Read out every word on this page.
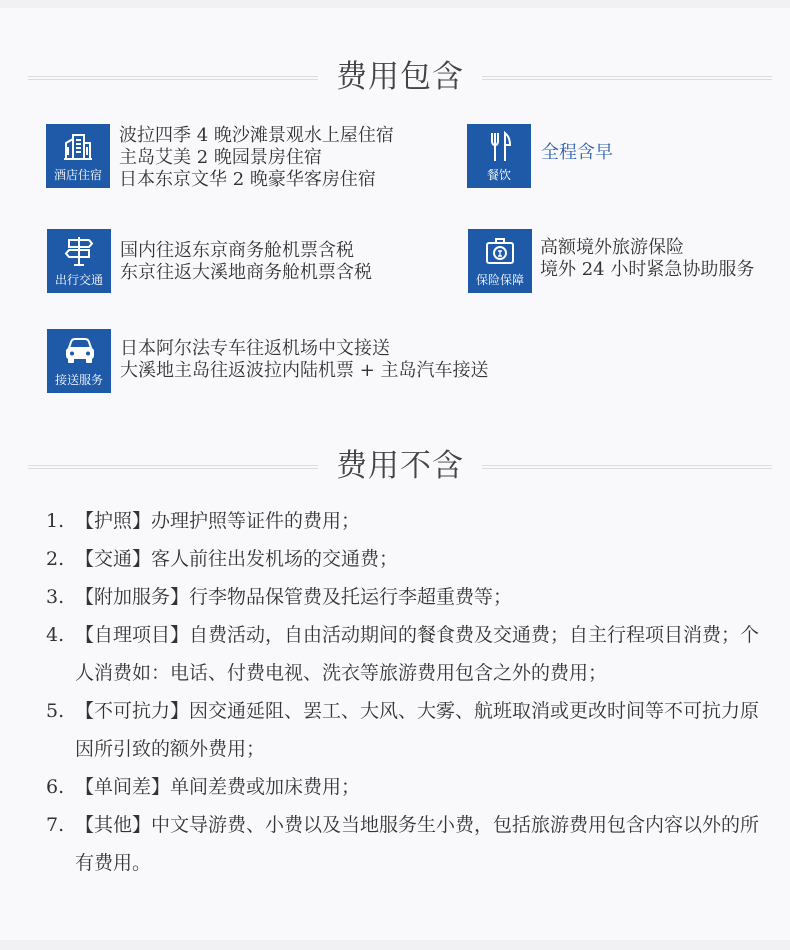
费用包含
酒店住宿
波拉四季 4 晚沙滩景观水上屋住宿
主岛艾美 2 晚园景房住宿
日本东京文华 2 晚豪华客房住宿	餐饮
全程含早
出行交通
国内往返东京商务舱机票含税
东京往返大溪地商务舱机票含税	保险保障
高额境外旅游保险
境外 24 小时紧急协助服务
接送服务
日本阿尔法专车往返机场中文接送
大溪地主岛往返波拉内陆机票 + 主岛汽车接送
费用不含
1. 【护照】办理护照等证件的费用；
2. 【交通】客人前往出发机场的交通费；
3. 【附加服务】行李物品保管费及托运行李超重费等；
4. 【自理项目】自费活动，自由活动期间的餐食费及交通费；自主行程项目消费；个人消费如：电话、付费电视、洗衣等旅游费用包含之外的费用；
5. 【不可抗力】因交通延阻、罢工、大风、大雾、航班取消或更改时间等不可抗力原因所引致的额外费用；
6. 【单间差】单间差费或加床费用；
7. 【其他】中文导游费、小费以及当地服务生小费，包括旅游费用包含内容以外的所有费用。
